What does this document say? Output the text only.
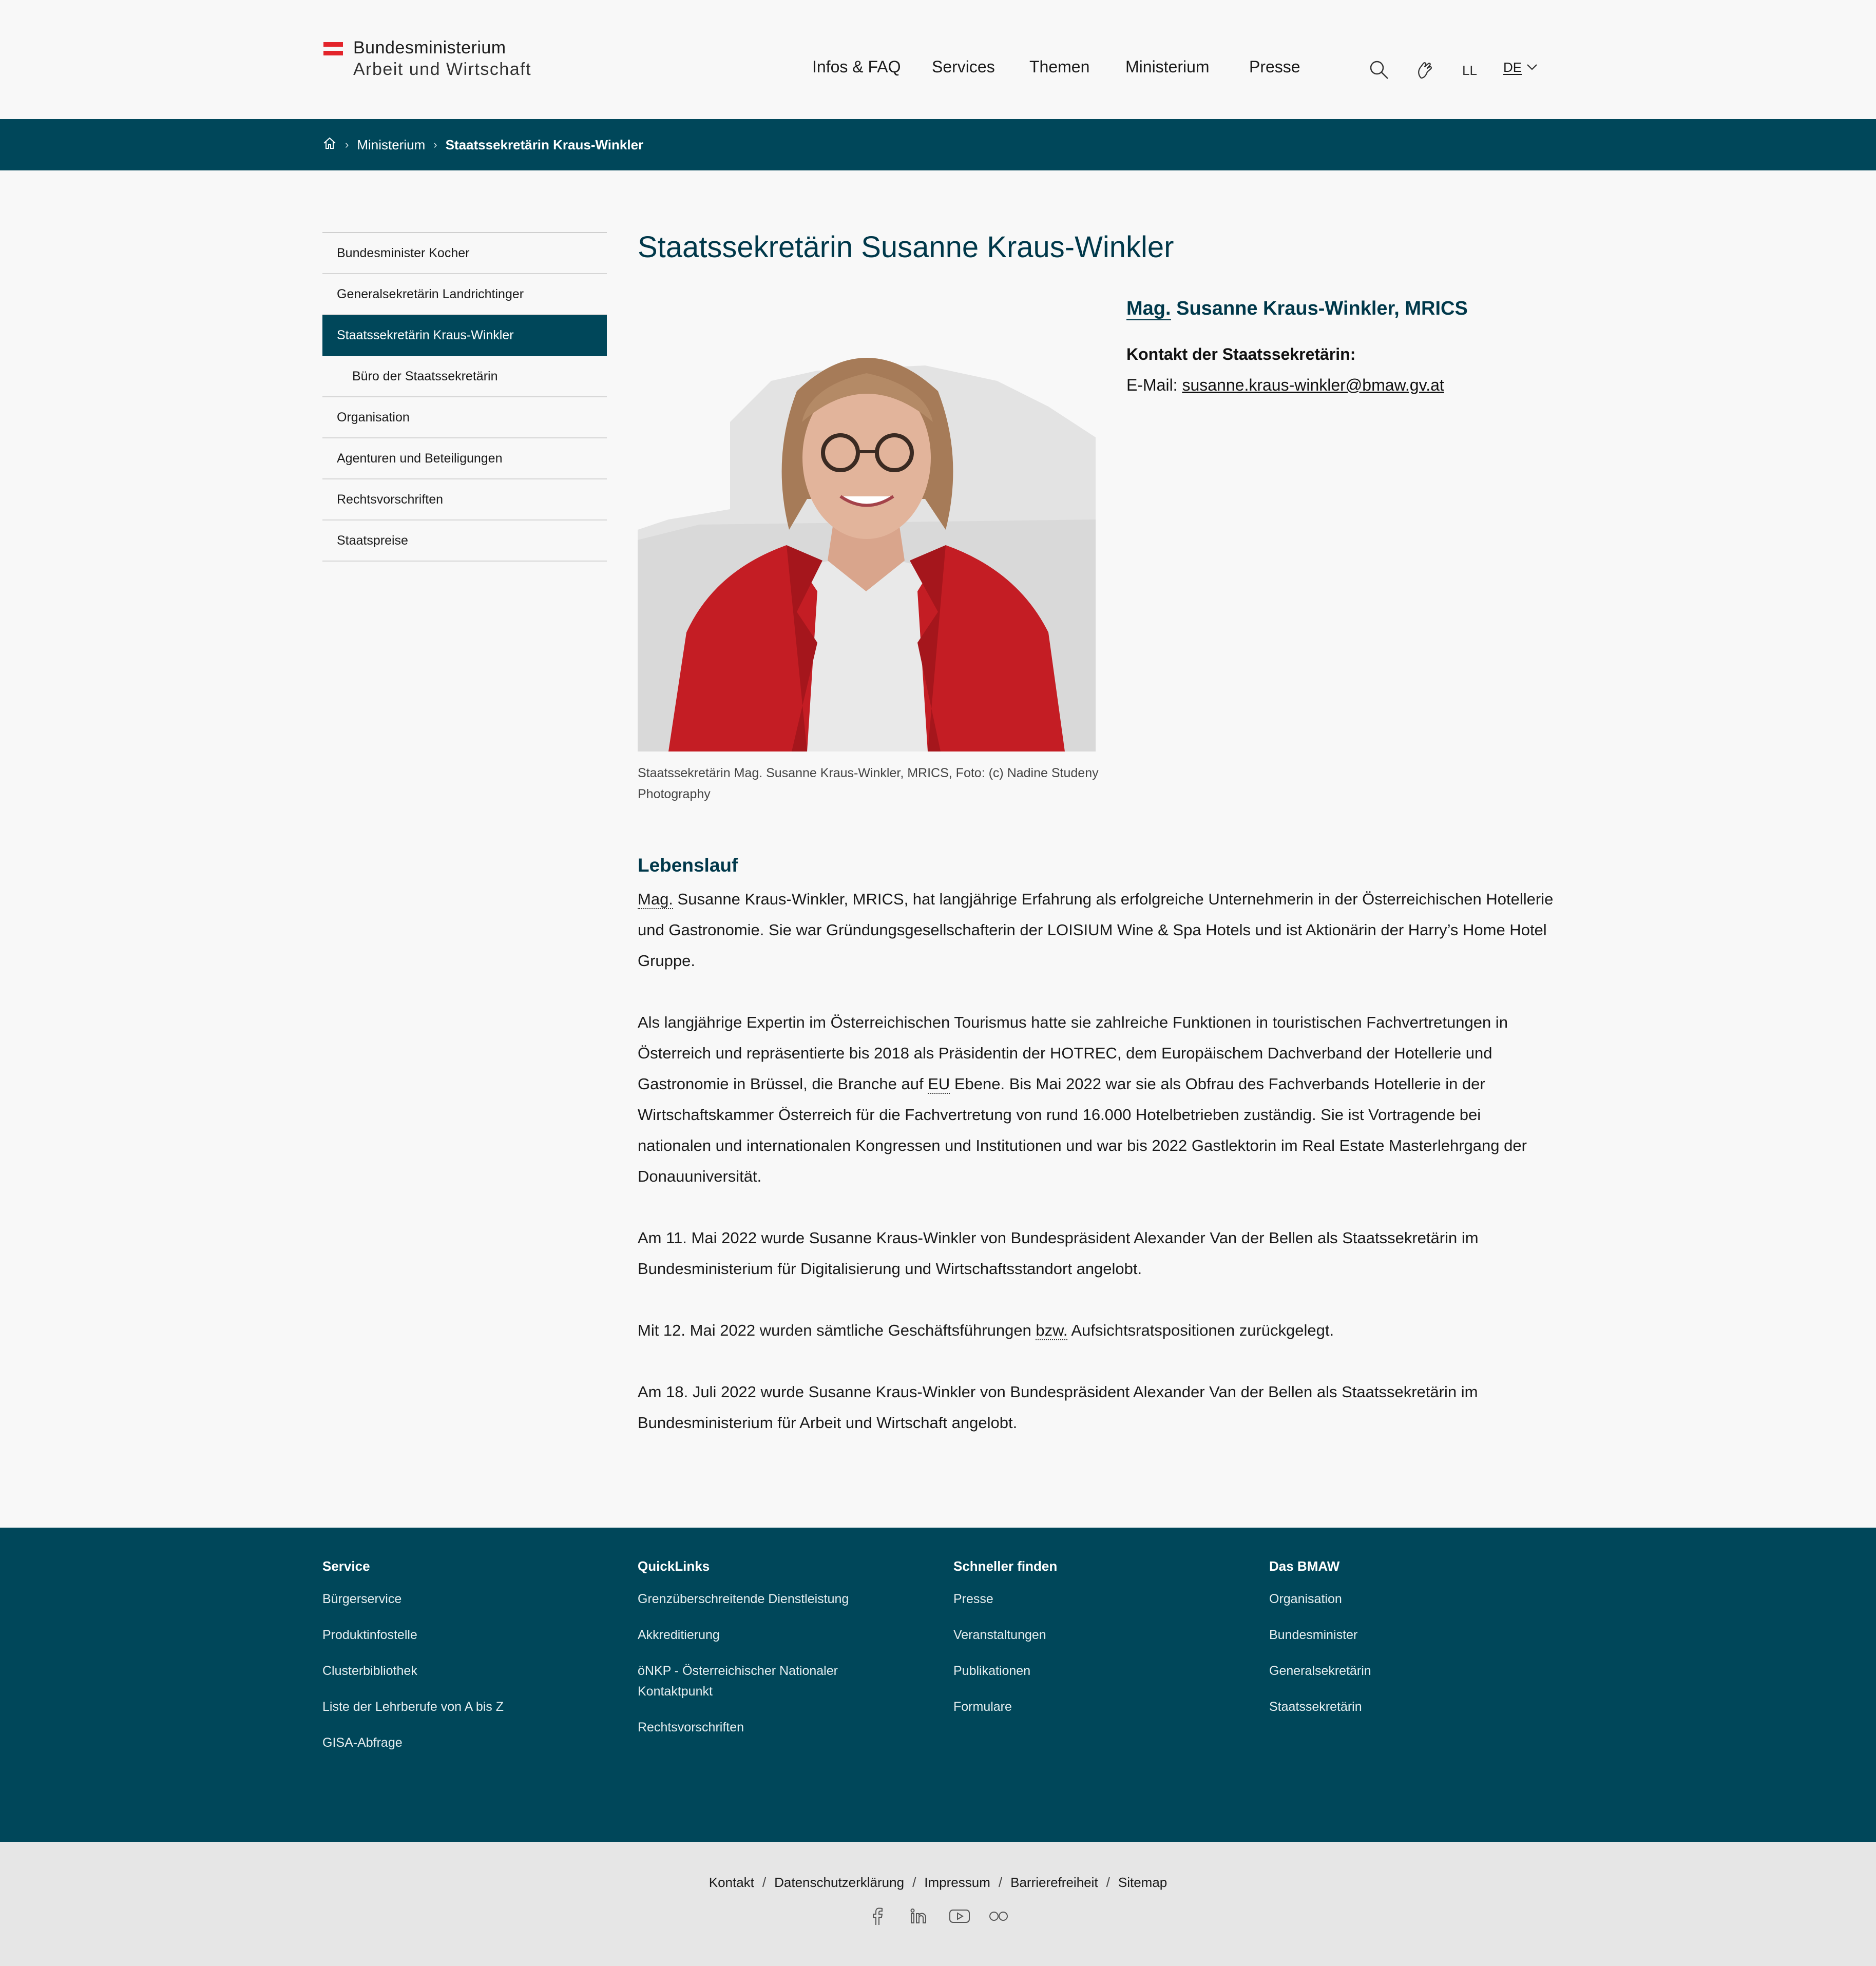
Bundesministerium
Arbeit und Wirtschaft	Infos & FAQ Services Themen Ministerium Presse	LL DE
› Ministerium › Staatssekretärin Kraus-Winkler
Bundesminister Kocher
Generalsekretärin Landrichtinger
Staatssekretärin Kraus-Winkler
Büro der Staatssekretärin
Organisation
Agenturen und Beteiligungen
Rechtsvorschriften
Staatspreise
Staatssekretärin Susanne Kraus-Winkler
Staatssekretärin Mag. Susanne Kraus-Winkler, MRICS, Foto: (c) Nadine Studeny Photography
Mag. Susanne Kraus-Winkler, MRICS
Kontakt der Staatssekretärin:
E-Mail: susanne.kraus-winkler@bmaw.gv.at
Lebenslauf

Mag. Susanne Kraus-Winkler, MRICS, hat langjährige Erfahrung als erfolgreiche Unternehmerin in der Österreichischen Hotellerie und Gastronomie. Sie war Gründungsgesellschafterin der LOISIUM Wine & Spa Hotels und ist Aktionärin der Harry’s Home Hotel Gruppe.

Als langjährige Expertin im Österreichischen Tourismus hatte sie zahlreiche Funktionen in touristischen Fachvertretungen in Österreich und repräsentierte bis 2018 als Präsidentin der HOTREC, dem Europäischem Dachverband der Hotellerie und Gastronomie in Brüssel, die Branche auf EU Ebene. Bis Mai 2022 war sie als Obfrau des Fachverbands Hotellerie in der Wirtschaftskammer Österreich für die Fachvertretung von rund 16.000 Hotelbetrieben zuständig. Sie ist Vortragende bei nationalen und internationalen Kongressen und Institutionen und war bis 2022 Gastlektorin im Real Estate Masterlehrgang der Donauuniversität.

Am 11. Mai 2022 wurde Susanne Kraus-Winkler von Bundespräsident Alexander Van der Bellen als Staatssekretärin im Bundesministerium für Digitalisierung und Wirtschaftsstandort angelobt.

Mit 12. Mai 2022 wurden sämtliche Geschäftsführungen bzw. Aufsichtsratspositionen zurückgelegt.

Am 18. Juli 2022 wurde Susanne Kraus-Winkler von Bundespräsident Alexander Van der Bellen als Staatssekretärin im Bundesministerium für Arbeit und Wirtschaft angelobt.

Service
Bürgerservice
Produktinfostelle
Clusterbibliothek
Liste der Lehrberufe von A bis Z
GISA-Abfrage
QuickLinks
Grenzüberschreitende Dienstleistung
Akkreditierung
öNKP - Österreichischer Nationaler Kontaktpunkt
Rechtsvorschriften
Schneller finden
Presse
Veranstaltungen
Publikationen
Formulare
Das BMAW
Organisation
Bundesminister
Generalsekretärin
Staatssekretärin
Kontakt / Datenschutzerklärung / Impressum / Barrierefreiheit / Sitemap
